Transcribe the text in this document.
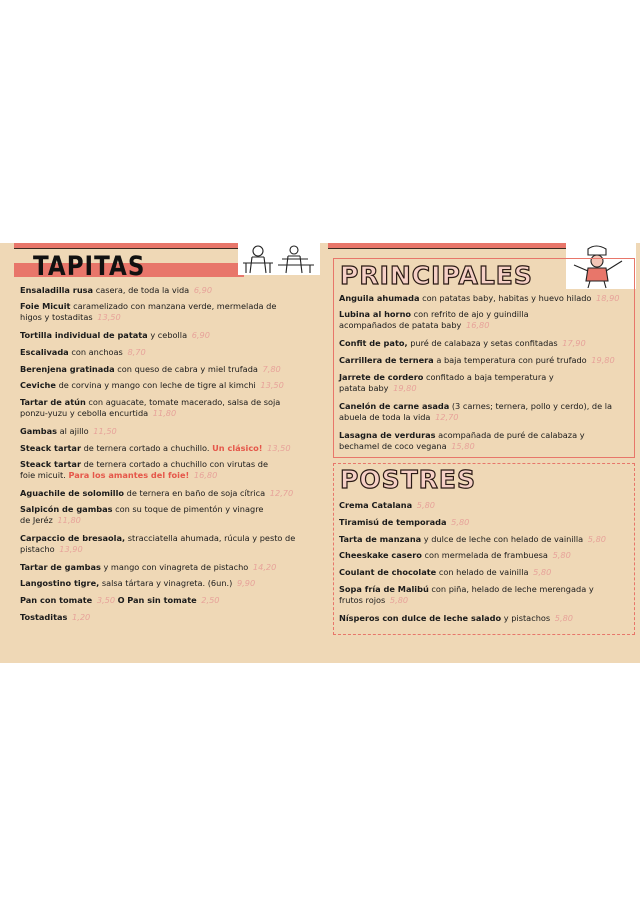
TAPITAS	PRINCIPALES
POSTRES
Ensaladilla rusa casera, de toda la vida 6,90
Foie Micuit caramelizado con manzana verde, mermelada de
higos y tostaditas 13,50
Tortilla individual de patata y cebolla 6,90
Escalivada con anchoas 8,70
Berenjena gratinada con queso de cabra y miel trufada 7,80
Ceviche de corvina y mango con leche de tigre al kimchi 13,50
Tartar de atún con aguacate, tomate macerado, salsa de soja
ponzu-yuzu y cebolla encurtida 11,80
Gambas al ajillo 11,50
Steack tartar de ternera cortado a chuchillo. Un clásico! 13,50
Steack tartar de ternera cortado a chuchillo con virutas de
foie micuit. Para los amantes del foie! 16,80
Aguachile de solomillo de ternera en baño de soja cítrica 12,70
Salpicón de gambas con su toque de pimentón y vinagre
de Jeréz 11,80
Carpaccio de bresaola, stracciatella ahumada, rúcula y pesto de
pistacho 13,90
Tartar de gambas y mango con vinagreta de pistacho 14,20
Langostino tigre, salsa tártara y vinagreta. (6un.) 9,90
Pan con tomate 3,50 O Pan sin tomate 2,50
Tostaditas 1,20
Anguila ahumada con patatas baby, habitas y huevo hilado 18,90
Lubina al horno con refrito de ajo y guindilla
acompañados de patata baby 16,80
Confit de pato, puré de calabaza y setas confitadas 17,90
Carrillera de ternera a baja temperatura con puré trufado 19,80
Jarrete de cordero confitado a baja temperatura y
patata baby 19,80
Canelón de carne asada (3 carnes; ternera, pollo y cerdo), de la
abuela de toda la vida 12,70
Lasagna de verduras acompañada de puré de calabaza y
bechamel de coco vegana 15,80
Crema Catalana 5,80
Tiramisú de temporada 5,80
Tarta de manzana y dulce de leche con helado de vainilla 5,80
Cheeskake casero con mermelada de frambuesa 5,80
Coulant de chocolate con helado de vainilla 5,80
Sopa fría de Malibú con piña, helado de leche merengada y
frutos rojos 5,80
Nísperos con dulce de leche salado y pistachos 5,80
